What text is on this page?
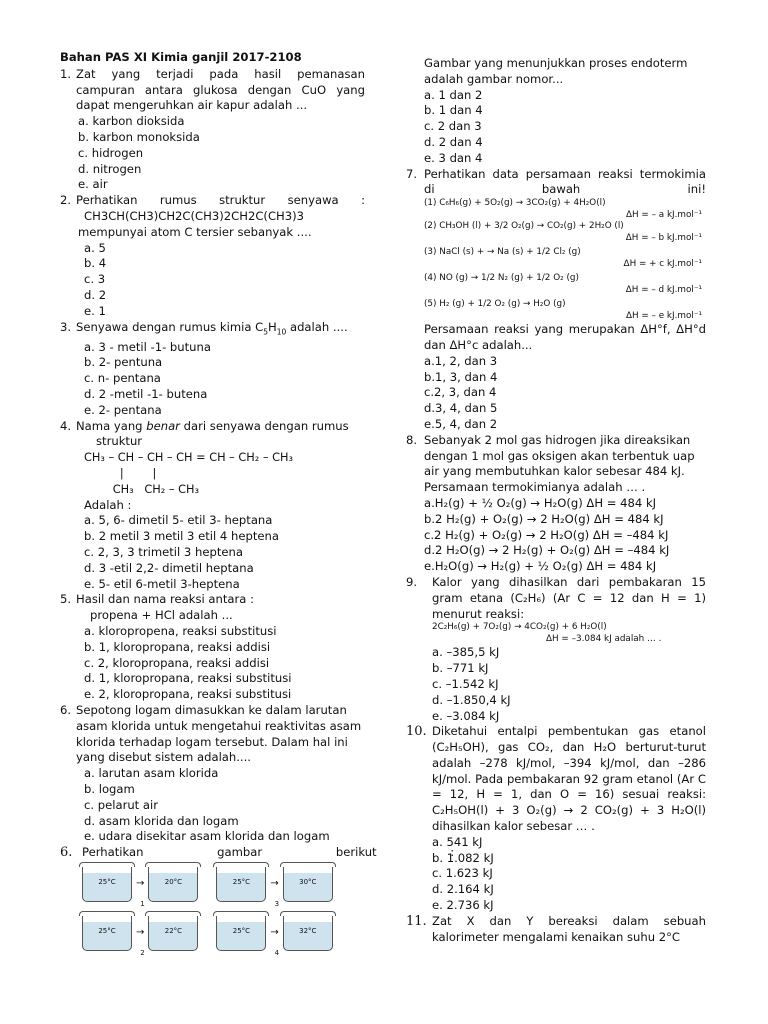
Bahan PAS XI Kimia ganjil 2017-2108
1. Zat yang terjadi pada hasil pemanasan campuran antara glukosa dengan CuO yang dapat mengeruhkan air kapur adalah ...
a. karbon dioksida
b. karbon monoksida
c. hidrogen
d. nitrogen
e. air
2. Perhatikan rumus struktur senyawa :
CH3CH(CH3)CH2C(CH3)2CH2C(CH3)3
mempunyai atom C tersier sebanyak ....
a. 5
b. 4
c. 3
d. 2
e. 1
3. Senyawa dengan rumus kimia $C_5H_{10}$ adalah ....
a. 3 - metil -1- butuna
b. 2- pentuna
c. n- pentana
d. 2 -metil -1- butena
e. 2- pentana
4. Nama yang benar dari senyawa dengan rumus
struktur
CH₃ – CH – CH – CH = CH – CH₂ – CH₃
|        |
CH₃   CH₂ – CH₃
Adalah :
a. 5, 6- dimetil 5- etil 3- heptana
b. 2 metil 3 metil 3 etil 4 heptena
c. 2, 3, 3 trimetil 3 heptena
d. 3 -etil 2,2- dimetil heptana
e. 5- etil 6-metil 3-heptena
5. Hasil dan nama reaksi antara :
propena + HCl adalah ...
a. kloropropena, reaksi substitusi
b. 1, kloropropana, reaksi addisi
c. 2, kloropropana, reaksi addisi
d. 1, kloropropana, reaksi substitusi
e. 2, kloropropana, reaksi substitusi
6. Sepotong logam dimasukkan ke dalam larutan asam klorida untuk mengetahui reaktivitas asam klorida terhadap logam tersebut. Dalam hal ini yang disebut sistem adalah....
a. larutan asam klorida
b. logam
c. pelarut air
d. asam klorida dan logam
e. udara disekitar asam klorida dan logam
6. Perhatikan                    gambar                    berikut                    :
25°C	→	20°C
1
25°C	→	30°C
3
25°C	→	22°C
2
25°C	→	32°C
4
Gambar yang menunjukkan proses endoterm adalah gambar nomor...
a. 1 dan 2
b. 1 dan 4
c. 2 dan 3
d. 2 dan 4
e. 3 dan 4
7. Perhatikan data persamaan reaksi termokimia di bawah ini!
(1) C₆H₆(g) + 5O₂(g) → 3CO₂(g) + 4H₂O(l)
ΔH = – a kJ.mol⁻¹
(2) CH₃OH (l) + 3/2 O₂(g) → CO₂(g) + 2H₂O (l)
ΔH = – b kJ.mol⁻¹
(3) NaCl (s) + → Na (s) + 1/2 Cl₂ (g)
ΔH = + c kJ.mol⁻¹
(4) NO (g) → 1/2 N₂ (g) + 1/2 O₂ (g)
ΔH = – d kJ.mol⁻¹
(5) H₂ (g) + 1/2 O₂ (g) → H₂O (g)
ΔH = – e kJ.mol⁻¹
Persamaan reaksi yang merupakan ΔH°f, ΔH°d dan ΔH°c adalah...
a.1, 2, dan 3
b.1, 3, dan 4
c.2, 3, dan 4
d.3, 4, dan 5
e.5, 4, dan 2
8. Sebanyak 2 mol gas hidrogen jika direaksikan dengan 1 mol gas oksigen akan terbentuk uap air yang membutuhkan kalor sebesar 484 kJ. Persamaan termokimianya adalah … .
a.H₂(g) + ½ O₂(g) → H₂O(g) ΔH = 484 kJ
b.2 H₂(g) + O₂(g) → 2 H₂O(g) ΔH = 484 kJ
c.2 H₂(g) + O₂(g) → 2 H₂O(g) ΔH = –484 kJ
d.2 H₂O(g) → 2 H₂(g) + O₂(g) ΔH = –484 kJ
e.H₂O(g) → H₂(g) + ½ O₂(g) ΔH = 484 kJ
9.	Kalor yang dihasilkan dari pembakaran 15 gram etana (C₂H₆) (Ar C = 12 dan H = 1) menurut reaksi:
2C₂H₆(g) + 7O₂(g) → 4CO₂(g) + 6 H₂O(l)
ΔH = –3.084 kJ adalah … .
a. –385,5 kJ
b. –771 kJ
c. –1.542 kJ
d. –1.850,4 kJ
e. –3.084 kJ
10. Diketahui entalpi pembentukan gas etanol (C₂H₅OH), gas CO₂, dan H₂O berturut-turut adalah –278 kJ/mol, –394 kJ/mol, dan –286 kJ/mol. Pada pembakaran 92 gram etanol (Ar C = 12, H = 1, dan O = 16) sesuai reaksi: C₂H₅OH(l) + 3 O₂(g) → 2 CO₂(g) + 3 H₂O(l) dihasilkan kalor sebesar … .
a. 541 kJ
b. 1.082 kJ
c. 1.623 kJ
d. 2.164 kJ
e. 2.736 kJ
11. Zat X dan Y bereaksi dalam sebuah kalorimeter mengalami kenaikan suhu 2°C
